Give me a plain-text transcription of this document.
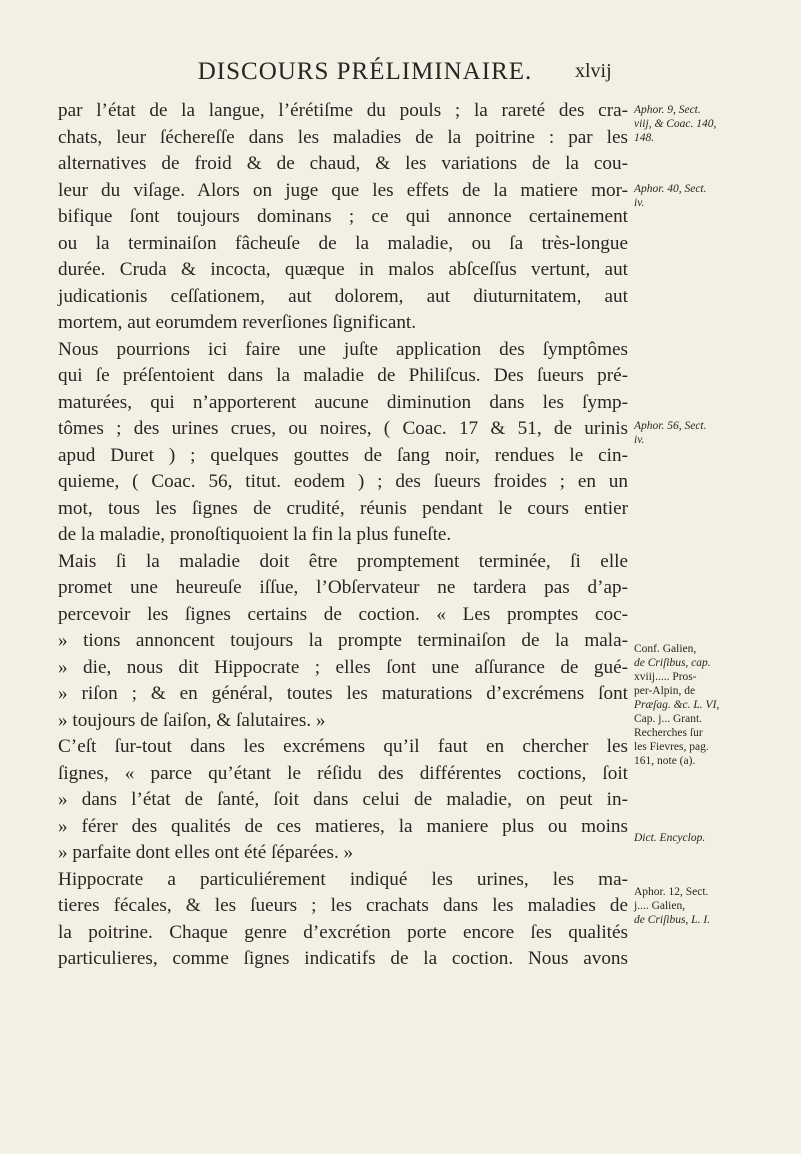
DISCOURS PRÉLIMINAIRE.	xlvij
par l’état de la langue, l’érétiſme du pouls ; la rareté des cra-
chats, leur ſéchereſſe dans les maladies de la poitrine : par les
alternatives de froid & de chaud, & les variations de la cou-
leur du viſage. Alors on juge que les effets de la matiere mor-
bifique ſont toujours dominans ; ce qui annonce certainement
ou la terminaiſon fâcheuſe de la maladie, ou ſa très-longue
durée. Cruda & incocta, quæque in malos abſceſſus vertunt, aut
judicationis ceſſationem, aut dolorem, aut diuturnitatem, aut
mortem, aut eorumdem reverſiones ſignificant.
Nous pourrions ici faire une juſte application des ſymptômes
qui ſe préſentoient dans la maladie de Philiſcus. Des ſueurs pré-
maturées, qui n’apporterent aucune diminution dans les ſymp-
tômes ; des urines crues, ou noires, ( Coac. 17 & 51, de urinis
apud Duret ) ; quelques gouttes de ſang noir, rendues le cin-
quieme, ( Coac. 56, titut. eodem ) ; des ſueurs froides ; en un
mot, tous les ſignes de crudité, réunis pendant le cours entier
de la maladie, pronoſtiquoient la fin la plus funeſte.
Mais ſi la maladie doit être promptement terminée, ſi elle
promet une heureuſe iſſue, l’Obſervateur ne tardera pas d’ap-
percevoir les ſignes certains de coction. « Les promptes coc-
» tions annoncent toujours la prompte terminaiſon de la mala-
» die, nous dit Hippocrate ; elles ſont une aſſurance de gué-
» riſon ; & en général, toutes les maturations d’excrémens ſont
» toujours de ſaiſon, & ſalutaires. »
C’eſt ſur-tout dans les excrémens qu’il faut en chercher les
ſignes, « parce qu’étant le réſidu des différentes coctions, ſoit
» dans l’état de ſanté, ſoit dans celui de maladie, on peut in-
» férer des qualités de ces matieres, la maniere plus ou moins
» parfaite dont elles ont été ſéparées. »
Hippocrate a particuliérement indiqué les urines, les ma-
tieres fécales, & les ſueurs ; les crachats dans les maladies de
la poitrine. Chaque genre d’excrétion porte encore ſes qualités
particulieres, comme ſignes indicatifs de la coction. Nous avons
Aphor. 9, Sect.
viij, & Coac. 140,
148.
Aphor. 40, Sect.
iv.
Aphor. 56, Sect.
iv.
Conf. Galien,
de Criſibus, cap.
xviij..... Pros-
per-Alpin, de
Præſag. &c. L. VI,
Cap. j... Grant.
Recherches ſur
les Fievres, pag.
161, note (a).
Dict. Encyclop.
Aphor. 12, Sect.
j.... Galien,
de Criſibus, L. I.
